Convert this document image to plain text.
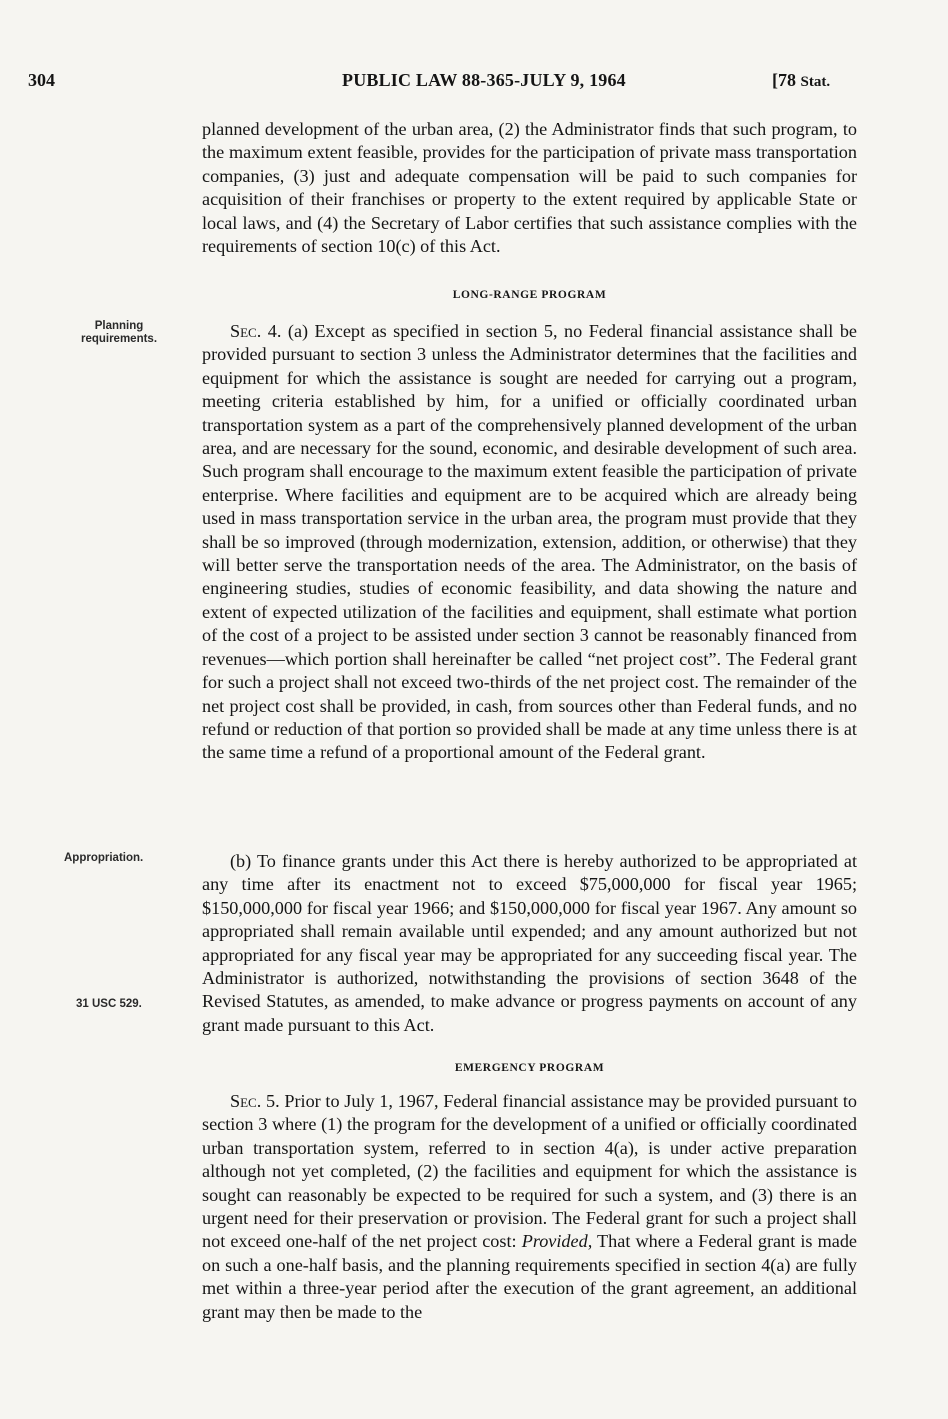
304	PUBLIC LAW 88-365-JULY 9, 1964	[78 Stat.
planned development of the urban area, (2) the Administrator finds that such program, to the maximum extent feasible, provides for the participation of private mass transportation companies, (3) just and adequate compensation will be paid to such companies for acquisition of their franchises or property to the extent required by applicable State or local laws, and (4) the Secretary of Labor certifies that such assistance complies with the requirements of section 10(c) of this Act.
LONG-RANGE PROGRAM
Planning requirements.	Sec. 4. (a) Except as specified in section 5, no Federal financial assistance shall be provided pursuant to section 3 unless the Administrator determines that the facilities and equipment for which the assistance is sought are needed for carrying out a program, meeting criteria established by him, for a unified or officially coordinated urban transportation system as a part of the comprehensively planned development of the urban area, and are necessary for the sound, economic, and desirable development of such area. Such program shall encourage to the maximum extent feasible the participation of private enterprise. Where facilities and equipment are to be acquired which are already being used in mass transportation service in the urban area, the program must provide that they shall be so improved (through modernization, extension, addition, or otherwise) that they will better serve the transportation needs of the area. The Administrator, on the basis of engineering studies, studies of economic feasibility, and data showing the nature and extent of expected utilization of the facilities and equipment, shall estimate what portion of the cost of a project to be assisted under section 3 cannot be reasonably financed from revenues—which portion shall hereinafter be called “net project cost”. The Federal grant for such a project shall not exceed two-thirds of the net project cost. The remainder of the net project cost shall be provided, in cash, from sources other than Federal funds, and no refund or reduction of that portion so provided shall be made at any time unless there is at the same time a refund of a proportional amount of the Federal grant.

Appropriation.
31 USC 529.

(b) To finance grants under this Act there is hereby authorized to be appropriated at any time after its enactment not to exceed $75,000,000 for fiscal year 1965; $150,000,000 for fiscal year 1966; and $150,000,000 for fiscal year 1967. Any amount so appropriated shall remain available until expended; and any amount authorized but not appropriated for any fiscal year may be appropriated for any succeeding fiscal year. The Administrator is authorized, notwithstanding the provisions of section 3648 of the Revised Statutes, as amended, to make advance or progress payments on account of any grant made pursuant to this Act.

EMERGENCY PROGRAM

Sec. 5. Prior to July 1, 1967, Federal financial assistance may be provided pursuant to section 3 where (1) the program for the development of a unified or officially coordinated urban transportation system, referred to in section 4(a), is under active preparation although not yet completed, (2) the facilities and equipment for which the assistance is sought can reasonably be expected to be required for such a system, and (3) there is an urgent need for their preservation or provision. The Federal grant for such a project shall not exceed one-half of the net project cost: Provided, That where a Federal grant is made on such a one-half basis, and the planning requirements specified in section 4(a) are fully met within a three-year period after the execution of the grant agreement, an additional grant may then be made to the
